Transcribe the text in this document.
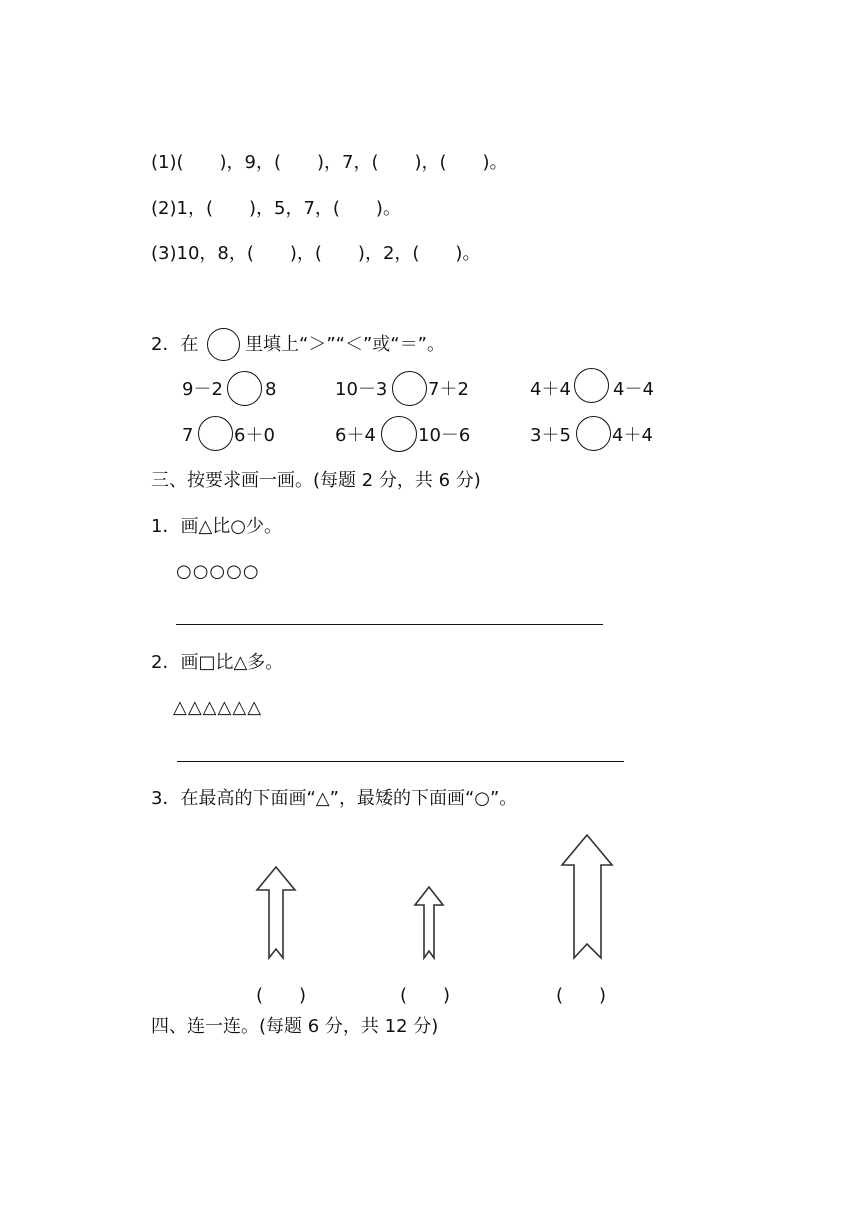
(1)(　　)，9，(　　)，7，(　　)，(　　)。
(2)1，(　　)，5，7，(　　)。
(3)10，8，(　　)，(　　)，2，(　　)。
2．在	里填上“＞”“＜”或“＝”。
9－2 8	10－3 7＋2	4＋4 4－4
7 6＋0	6＋4 10－6	3＋5 4＋4
三、按要求画一画。(每题 2 分，共 6 分)
1．画△比○少。
○○○○○
2．画□比△多。
△△△△△△
3．在最高的下面画“△”，最矮的下面画“○”。
(　　)	(　　)	(　　)
四、连一连。(每题 6 分，共 12 分)
